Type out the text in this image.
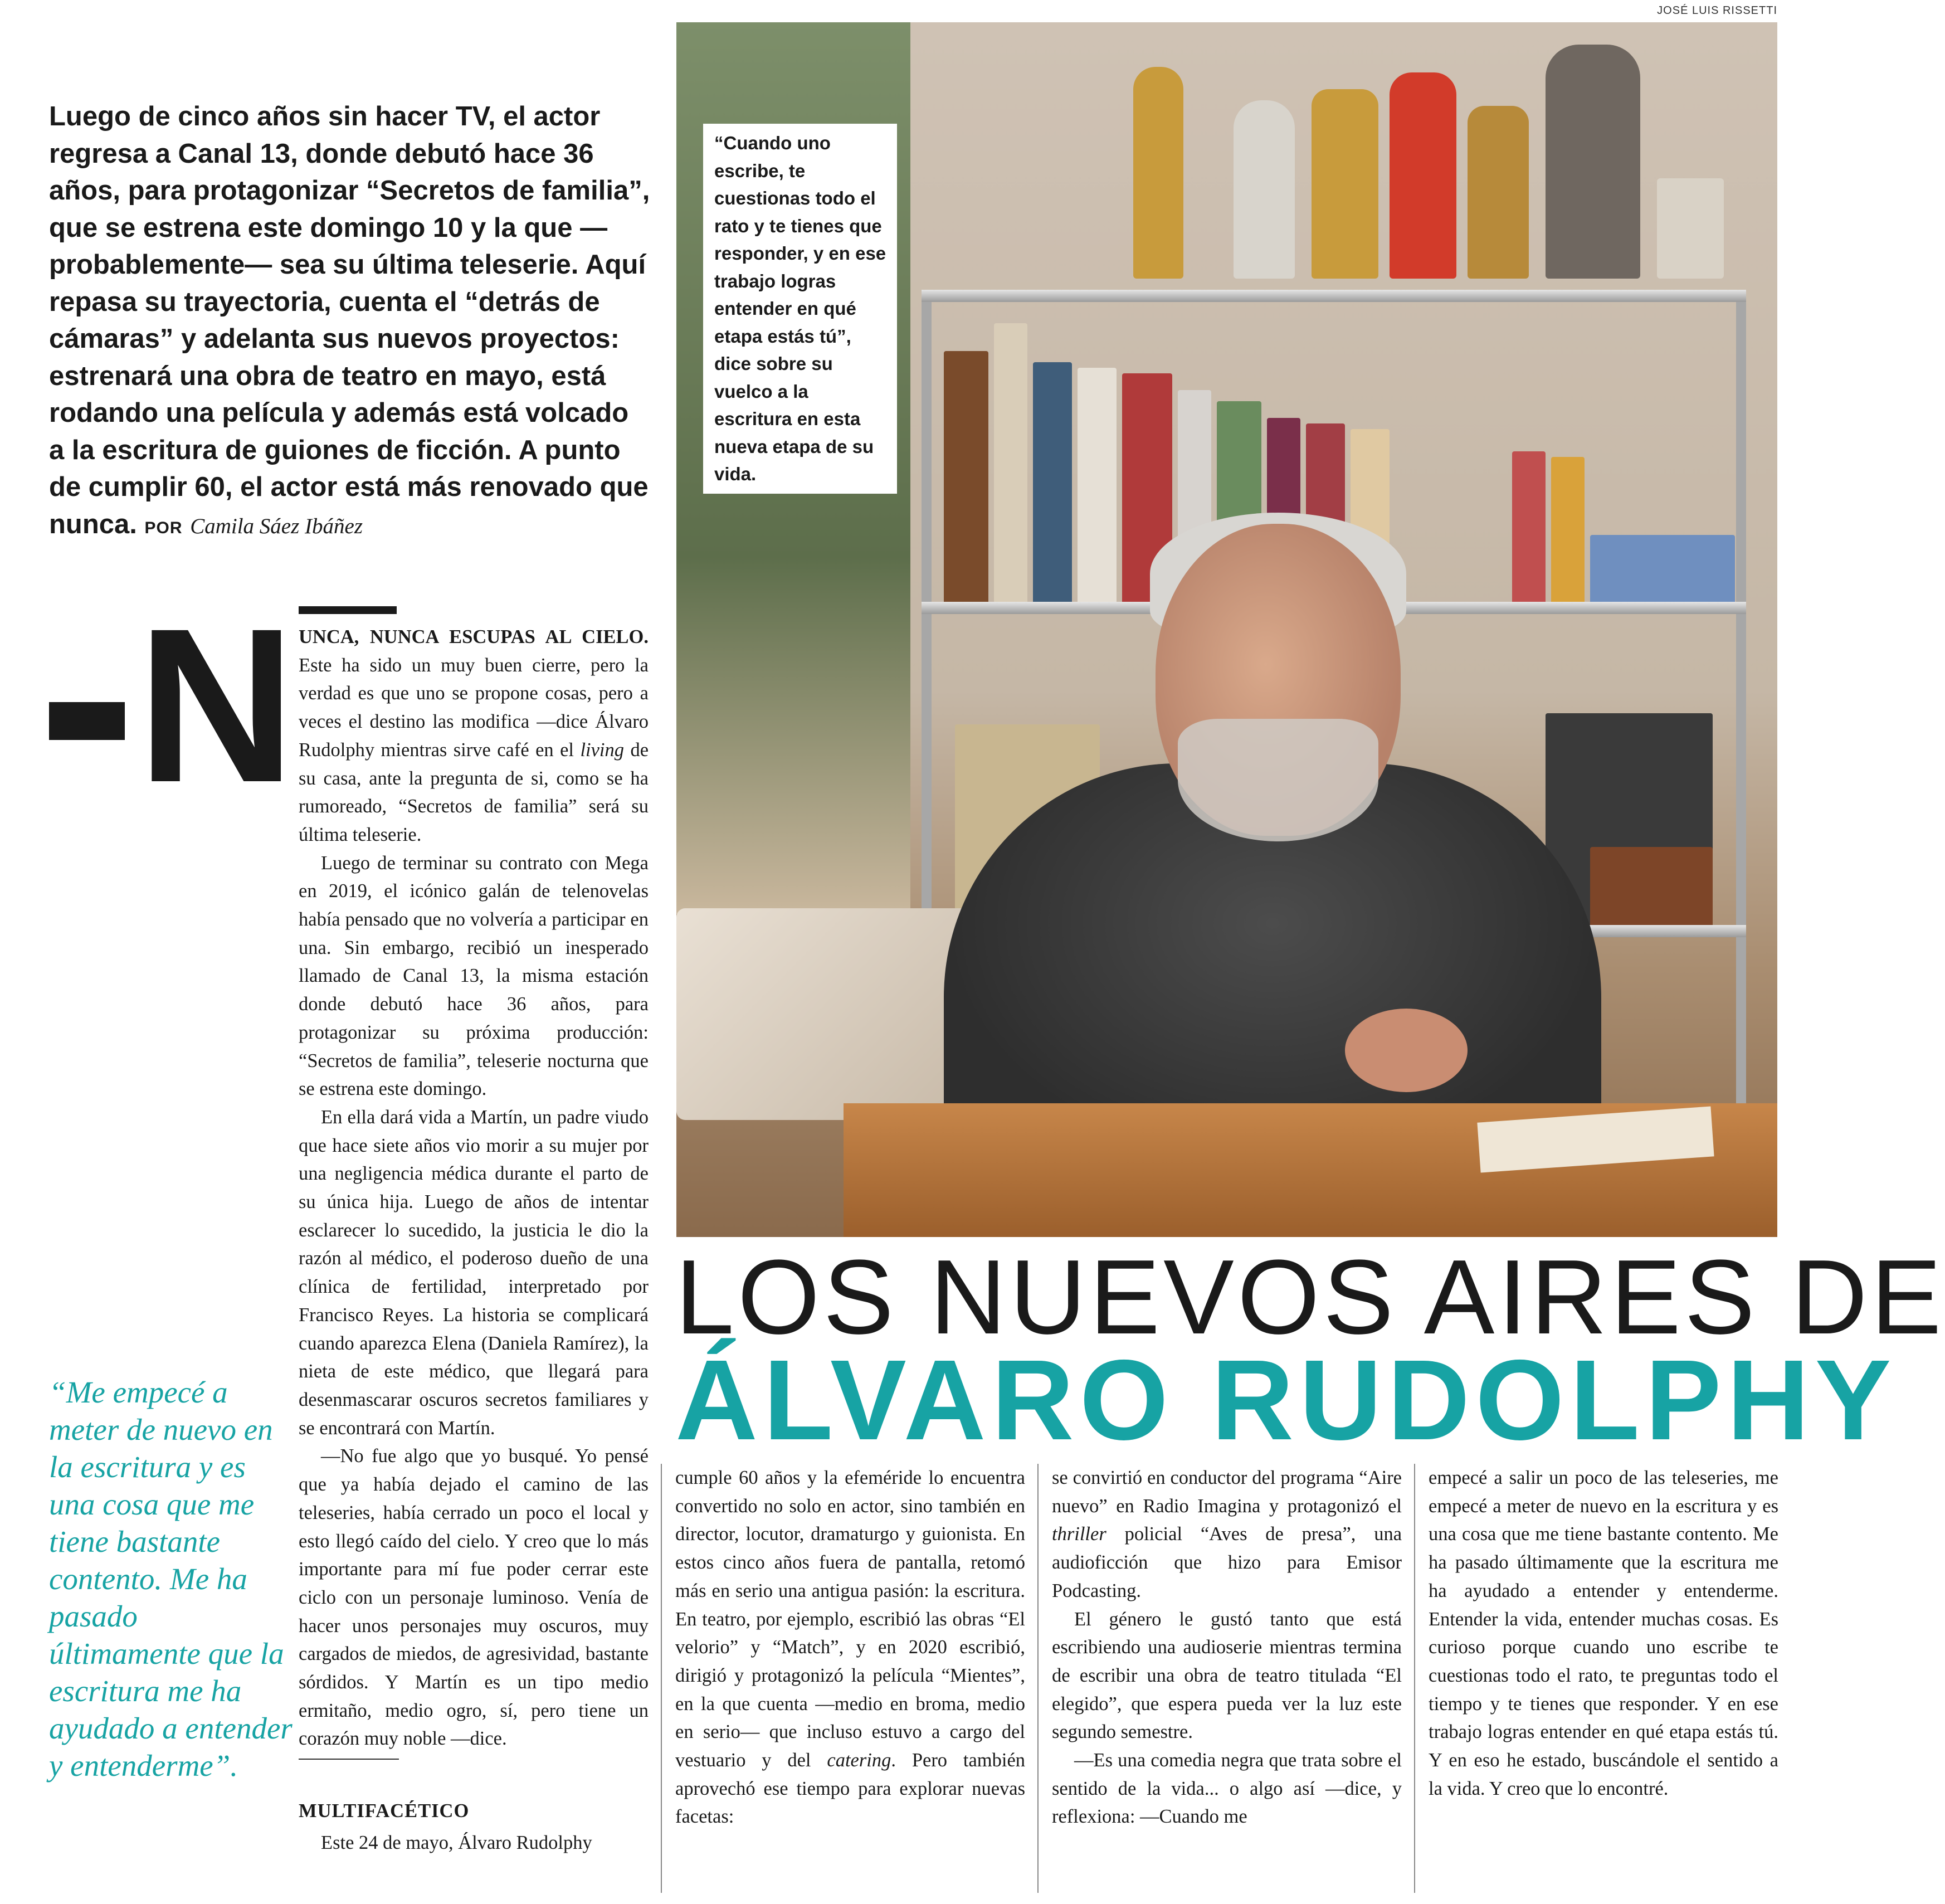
JOSÉ LUIS RISSETTI
“Cuando uno escribe, te cuestionas todo el rato y te tienes que responder, y en ese trabajo logras entender en qué etapa estás tú”, dice sobre su vuelco a la escritura en esta nueva etapa de su vida.
Luego de cinco años sin hacer TV, el actor regresa a Canal 13, donde debutó hace 36 años, para protagonizar “Secretos de familia”, que se estrena este domingo 10 y la que —probablemente— sea su última teleserie. Aquí repasa su trayectoria, cuenta el “detrás de cámaras” y adelanta sus nuevos proyectos: estrenará una obra de teatro en mayo, está rodando una película y además está volcado a la escritura de guiones de ficción. A punto de cumplir 60, el actor está más renovado que nunca. POR Camila Sáez Ibáñez
N UNCA, NUNCA ESCUPAS AL CIELO. Este ha sido un muy buen cierre, pero la verdad es que uno se propone cosas, pero a veces el destino las modifica —dice Álvaro Rudolphy mientras sirve café en el living de su casa, ante la pregunta de si, como se ha rumoreado, “Secretos de familia” será su última teleserie.

Luego de terminar su contrato con Mega en 2019, el icónico galán de telenovelas había pensado que no volvería a participar en una. Sin embargo, recibió un inesperado llamado de Canal 13, la misma estación donde debutó hace 36 años, para protagonizar su próxima producción: “Secretos de familia”, teleserie nocturna que se estrena este domingo.

En ella dará vida a Martín, un padre viudo que hace siete años vio morir a su mujer por una negligencia médica durante el parto de su única hija. Luego de años de intentar esclarecer lo sucedido, la justicia le dio la razón al médico, el poderoso dueño de una clínica de fertilidad, interpretado por Francisco Reyes. La historia se complicará cuando aparezca Elena (Daniela Ramírez), la nieta de este médico, que llegará para desenmascarar oscuros secretos familiares y se encontrará con Martín.

—No fue algo que yo busqué. Yo pensé que ya había dejado el camino de las teleseries, había cerrado un poco el local y esto llegó caído del cielo. Y creo que lo más importante para mí fue poder cerrar este ciclo con un personaje luminoso. Venía de hacer unos personajes muy oscuros, muy cargados de miedos, de agresividad, bastante sórdidos. Y Martín es un tipo medio ermitaño, medio ogro, sí, pero tiene un corazón muy noble —dice.

MULTIFACÉTICO
Este 24 de mayo, Álvaro Rudolphy
“Me empecé a meter de nuevo en la escritura y es una cosa que me tiene bastante contento. Me ha pasado últimamente que la escritura me ha ayudado a entender y entenderme”.
LOS NUEVOS AIRES DE
ÁLVARO RUDOLPHY

cumple 60 años y la efeméride lo encuentra convertido no solo en actor, sino también en director, locutor, dramaturgo y guionista. En estos cinco años fuera de pantalla, retomó más en serio una antigua pasión: la escritura. En teatro, por ejemplo, escribió las obras “El velorio” y “Match”, y en 2020 escribió, dirigió y protagonizó la película “Mientes”, en la que cuenta —medio en broma, medio en serio— que incluso estuvo a cargo del vestuario y del catering. Pero también aprovechó ese tiempo para explorar nuevas facetas:

se convirtió en conductor del programa “Aire nuevo” en Radio Imagina y protagonizó el thriller policial “Aves de presa”, una audioficción que hizo para Emisor Podcasting.

El género le gustó tanto que está escribiendo una audioserie mientras termina de escribir una obra de teatro titulada “El elegido”, que espera pueda ver la luz este segundo semestre.

—Es una comedia negra que trata sobre el sentido de la vida... o algo así —dice, y reflexiona: —Cuando me

empecé a salir un poco de las teleseries, me empecé a meter de nuevo en la escritura y es una cosa que me tiene bastante contento. Me ha pasado últimamente que la escritura me ha ayudado a entender y entenderme. Entender la vida, entender muchas cosas. Es curioso porque cuando uno escribe te cuestionas todo el rato, te preguntas todo el tiempo y te tienes que responder. Y en ese trabajo logras entender en qué etapa estás tú. Y en eso he estado, buscándole el sentido a la vida. Y creo que lo encontré.
